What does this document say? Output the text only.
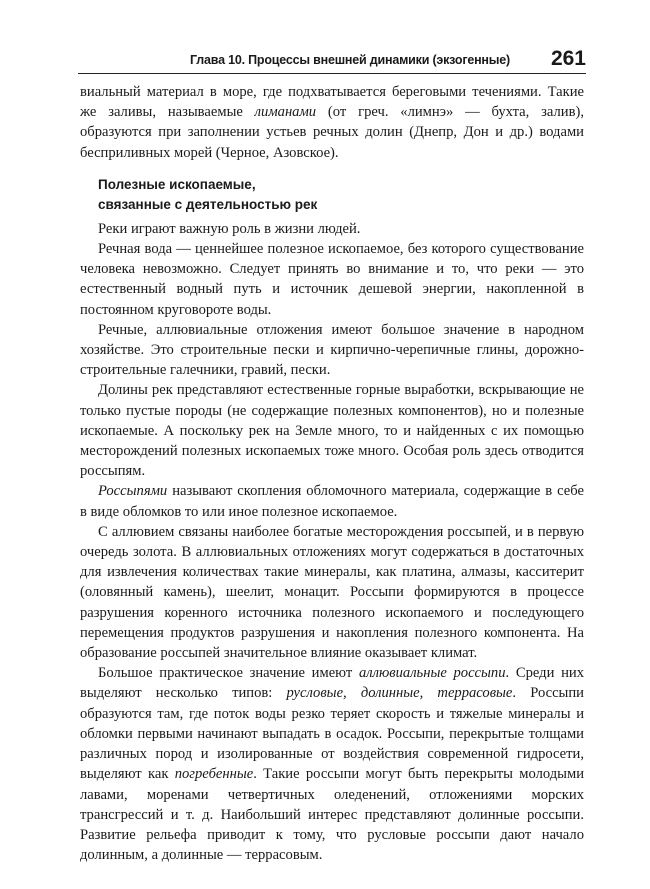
Глава 10. Процессы внешней динамики (экзогенные) 261

виальный материал в море, где подхватывается береговыми течениями. Такие же заливы, называемые лиманами (от греч. «лимнэ» — бухта, залив), образуются при заполнении устьев речных долин (Днепр, Дон и др.) водами бесприливных морей (Черное, Азовское).

Полезные ископаемые,
связанные с деятельностью рек

Реки играют важную роль в жизни людей.

Речная вода — ценнейшее полезное ископаемое, без которого существование человека невозможно. Следует принять во внимание и то, что реки — это естественный водный путь и источник дешевой энергии, накопленной в постоянном круговороте воды.

Речные, аллювиальные отложения имеют большое значение в народном хозяйстве. Это строительные пески и кирпично-черепичные глины, дорожно-строительные галечники, гравий, пески.

Долины рек представляют естественные горные выработки, вскрывающие не только пустые породы (не содержащие полезных компонентов), но и полезные ископаемые. А поскольку рек на Земле много, то и найденных с их помощью месторождений полезных ископаемых тоже много. Особая роль здесь отводится россыпям.

Россыпями называют скопления обломочного материала, содержащие в себе в виде обломков то или иное полезное ископаемое.

С аллювием связаны наиболее богатые месторождения россыпей, и в первую очередь золота. В аллювиальных отложениях могут содержаться в достаточных для извлечения количествах такие минералы, как платина, алмазы, касситерит (оловянный камень), шеелит, монацит. Россыпи формируются в процессе разрушения коренного источника полезного ископаемого и последующего перемещения продуктов разрушения и накопления полезного компонента. На образование россыпей значительное влияние оказывает климат.

Большое практическое значение имеют аллювиальные россыпи. Среди них выделяют несколько типов: русловые, долинные, террасовые. Россыпи образуются там, где поток воды резко теряет скорость и тяжелые минералы и обломки первыми начинают выпадать в осадок. Россыпи, перекрытые толщами различных пород и изолированные от воздействия современной гидросети, выделяют как погребенные. Такие россыпи могут быть перекрыты молодыми лавами, моренами четвертичных оледенений, отложениями морских трансгрессий и т. д. Наибольший интерес представляют долинные россыпи. Развитие рельефа приводит к тому, что русловые россыпи дают начало долинным, а долинные — террасовым.
